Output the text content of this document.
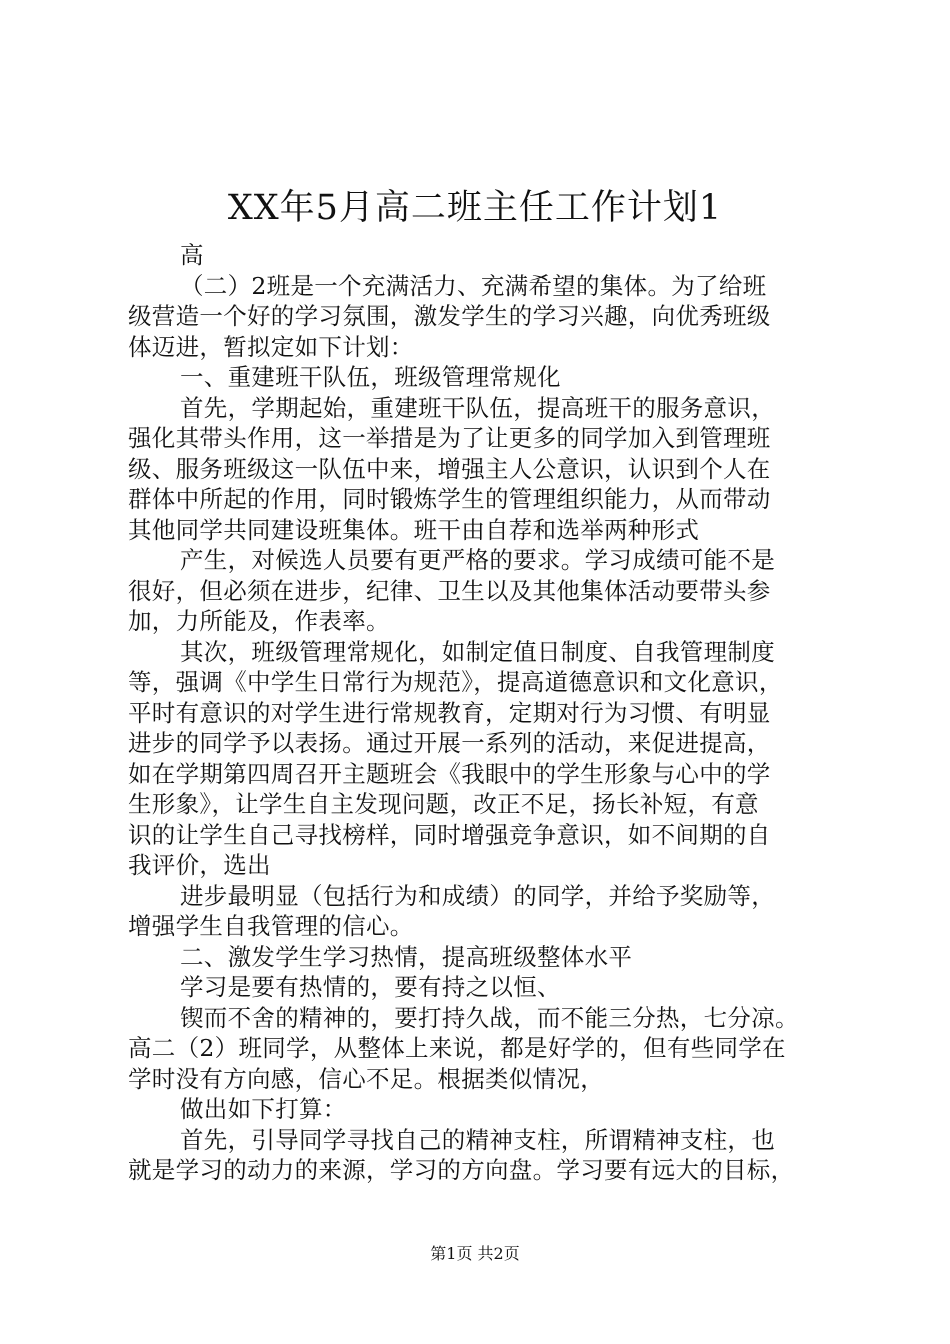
XX年5月高二班主任工作计划1
高
（二）2班是一个充满活力、充满希望的集体。为了给班
级营造一个好的学习氛围，激发学生的学习兴趣，向优秀班级
体迈进，暂拟定如下计划：
一、重建班干队伍，班级管理常规化
首先，学期起始，重建班干队伍，提高班干的服务意识，
强化其带头作用，这一举措是为了让更多的同学加入到管理班
级、服务班级这一队伍中来，增强主人公意识，认识到个人在
群体中所起的作用，同时锻炼学生的管理组织能力，从而带动
其他同学共同建设班集体。班干由自荐和选举两种形式
产生，对候选人员要有更严格的要求。学习成绩可能不是
很好，但必须在进步，纪律、卫生以及其他集体活动要带头参
加，力所能及，作表率。
其次，班级管理常规化，如制定值日制度、自我管理制度
等，强调《中学生日常行为规范》，提高道德意识和文化意识，
平时有意识的对学生进行常规教育，定期对行为习惯、有明显
进步的同学予以表扬。通过开展一系列的活动，来促进提高，
如在学期第四周召开主题班会《我眼中的学生形象与心中的学
生形象》，让学生自主发现问题，改正不足，扬长补短，有意
识的让学生自己寻找榜样，同时增强竞争意识，如不间期的自
我评价，选出
进步最明显（包括行为和成绩）的同学，并给予奖励等，
增强学生自我管理的信心。
二、激发学生学习热情，提高班级整体水平
学习是要有热情的，要有持之以恒、
锲而不舍的精神的，要打持久战，而不能三分热，七分凉。
高二（2）班同学，从整体上来说，都是好学的，但有些同学在
学时没有方向感，信心不足。根据类似情况，
做出如下打算：
首先，引导同学寻找自己的精神支柱，所谓精神支柱，也
就是学习的动力的来源，学习的方向盘。学习要有远大的目标，
第1页 共2页
